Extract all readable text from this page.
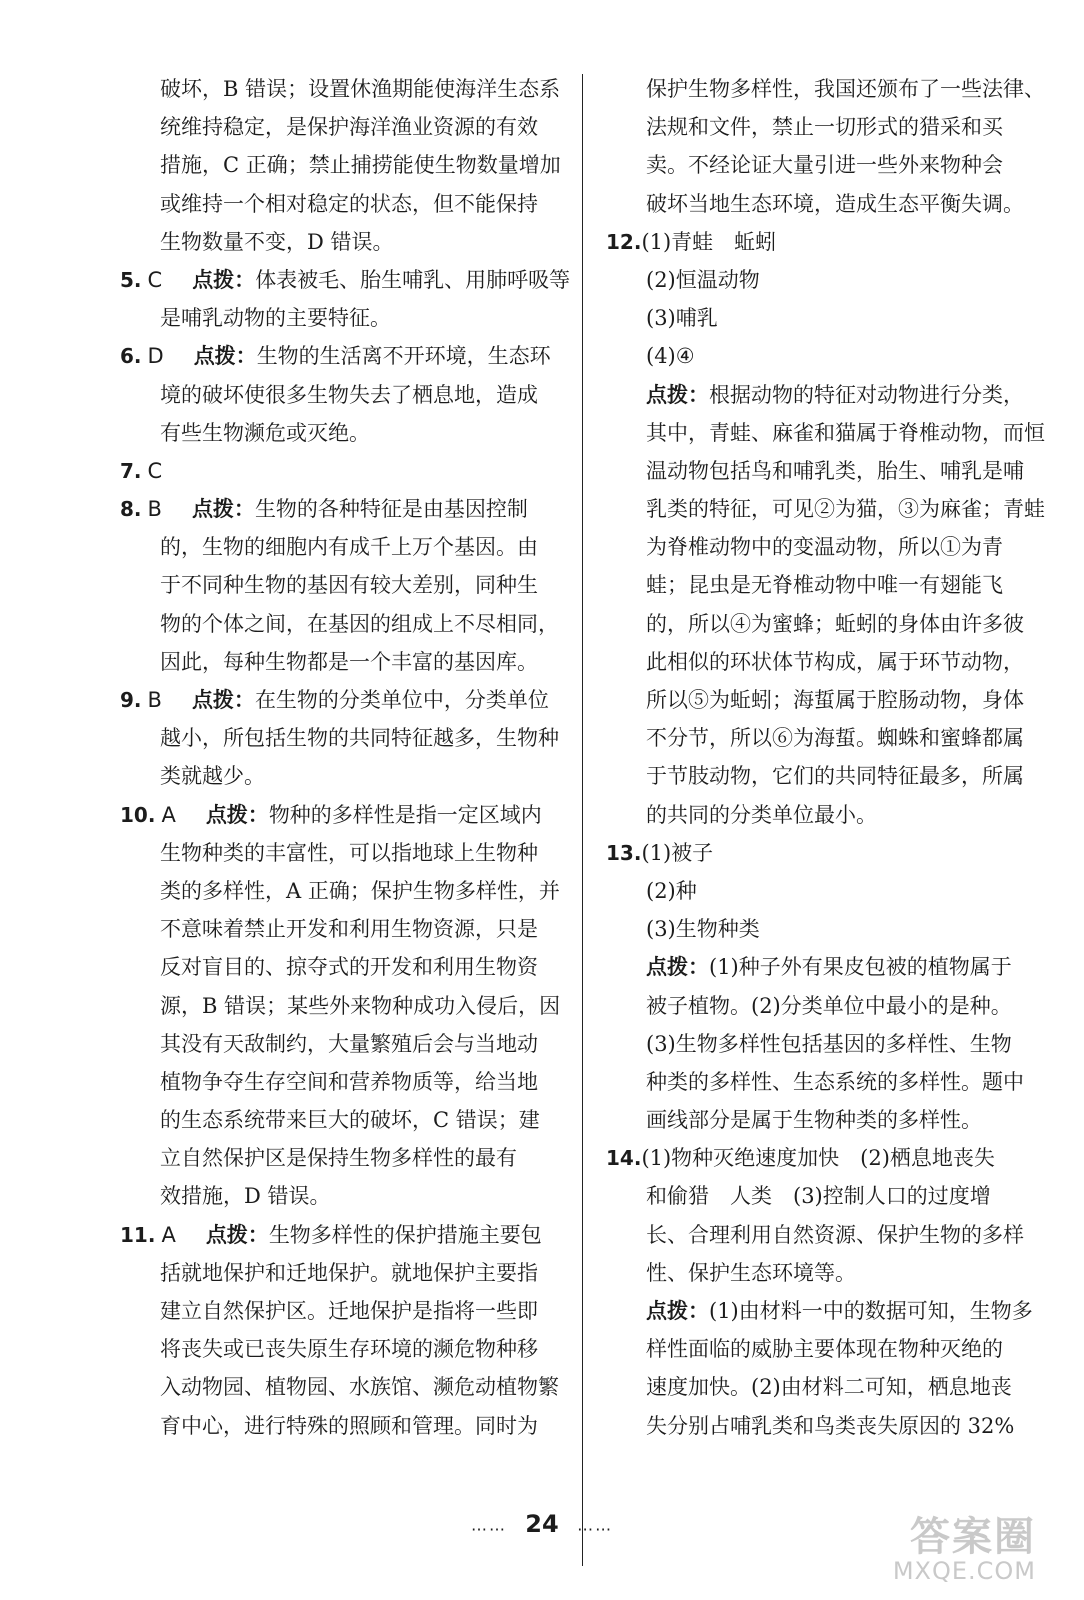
破坏，B 错误；设置休渔期能使海洋生态系
统维持稳定，是保护海洋渔业资源的有效
措施，C 正确；禁止捕捞能使生物数量增加
或维持一个相对稳定的状态，但不能保持
生物数量不变，D 错误。
5. C 点拨：体表被毛、胎生哺乳、用肺呼吸等
是哺乳动物的主要特征。
6. D 点拨：生物的生活离不开环境，生态环
境的破坏使很多生物失去了栖息地，造成
有些生物濒危或灭绝。
7. C
8. B 点拨：生物的各种特征是由基因控制
的，生物的细胞内有成千上万个基因。由
于不同种生物的基因有较大差别，同种生
物的个体之间，在基因的组成上不尽相同，
因此，每种生物都是一个丰富的基因库。
9. B 点拨：在生物的分类单位中，分类单位
越小，所包括生物的共同特征越多，生物种
类就越少。
10. A 点拨：物种的多样性是指一定区域内
生物种类的丰富性，可以指地球上生物种
类的多样性，A 正确；保护生物多样性，并
不意味着禁止开发和利用生物资源，只是
反对盲目的、掠夺式的开发和利用生物资
源，B 错误；某些外来物种成功入侵后，因
其没有天敌制约，大量繁殖后会与当地动
植物争夺生存空间和营养物质等，给当地
的生态系统带来巨大的破坏，C 错误；建
立自然保护区是保持生物多样性的最有
效措施，D 错误。
11. A 点拨：生物多样性的保护措施主要包
括就地保护和迁地保护。就地保护主要指
建立自然保护区。迁地保护是指将一些即
将丧失或已丧失原生存环境的濒危物种移
入动物园、植物园、水族馆、濒危动植物繁
育中心，进行特殊的照顾和管理。同时为
保护生物多样性，我国还颁布了一些法律、
法规和文件，禁止一切形式的猎采和买
卖。不经论证大量引进一些外来物种会
破坏当地生态环境，造成生态平衡失调。
12.(1)青蛙　蚯蚓
(2)恒温动物
(3)哺乳
(4)④
点拨：根据动物的特征对动物进行分类，
其中，青蛙、麻雀和猫属于脊椎动物，而恒
温动物包括鸟和哺乳类，胎生、哺乳是哺
乳类的特征，可见②为猫，③为麻雀；青蛙
为脊椎动物中的变温动物，所以①为青
蛙；昆虫是无脊椎动物中唯一有翅能飞
的，所以④为蜜蜂；蚯蚓的身体由许多彼
此相似的环状体节构成，属于环节动物，
所以⑤为蚯蚓；海蜇属于腔肠动物，身体
不分节，所以⑥为海蜇。蜘蛛和蜜蜂都属
于节肢动物，它们的共同特征最多，所属
的共同的分类单位最小。
13.(1)被子
(2)种
(3)生物种类
点拨：(1)种子外有果皮包被的植物属于
被子植物。(2)分类单位中最小的是种。
(3)生物多样性包括基因的多样性、生物
种类的多样性、生态系统的多样性。题中
画线部分是属于生物种类的多样性。
14.(1)物种灭绝速度加快　(2)栖息地丧失
和偷猎　人类　(3)控制人口的过度增
长、合理利用自然资源、保护生物的多样
性、保护生态环境等。
点拨：(1)由材料一中的数据可知，生物多
样性面临的威胁主要体现在物种灭绝的
速度加快。(2)由材料二可知，栖息地丧
失分别占哺乳类和鸟类丧失原因的 32%
…… 24 ……	答案圈
MXQE.COM
